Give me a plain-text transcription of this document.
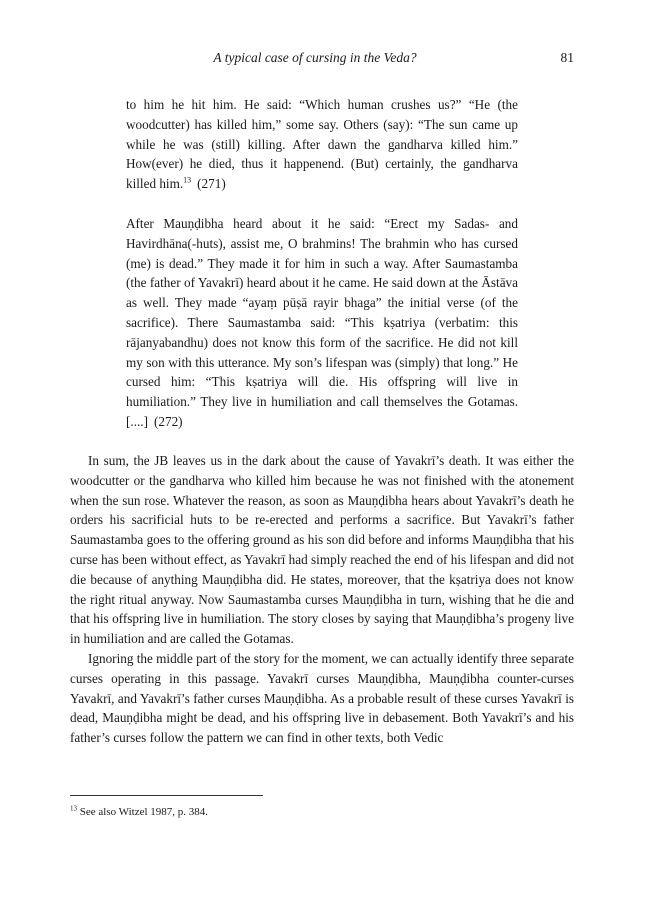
A typical case of cursing in the Veda?	81
to him he hit him. He said: “Which human crushes us?” “He (the woodcutter) has killed him,” some say. Others (say): “The sun came up while he was (still) killing. After dawn the gandharva killed him.” How(ever) he died, thus it happenend. (But) certainly, the gandharva killed him.$^{13}$ (271)
After Mauṇḍibha heard about it he said: “Erect my Sadas- and Havirdhāna(-huts), assist me, O brahmins! The brahmin who has cursed (me) is dead.” They made it for him in such a way. After Saumastamba (the father of Yavakrī) heard about it he came. He said down at the Āstāva as well. They made “ayaṃ pūṣā rayir bhaga” the initial verse (of the sacrifice). There Saumastamba said: “This kṣatriya (verbatim: this rājanyabandhu) does not know this form of the sacrifice. He did not kill my son with this utterance. My son’s lifespan was (simply) that long.” He cursed him: “This kṣatriya will die. His offspring will live in humiliation.” They live in humiliation and call themselves the Gotamas. [....] (272)

In sum, the JB leaves us in the dark about the cause of Yavakrī’s death. It was either the woodcutter or the gandharva who killed him because he was not finished with the atonement when the sun rose. Whatever the reason, as soon as Mauṇḍibha hears about Yavakrī’s death he orders his sacrificial huts to be re-erected and performs a sacrifice. But Yavakrī’s father Saumastamba goes to the offering ground as his son did before and informs Mauṇḍibha that his curse has been without effect, as Yavakrī had simply reached the end of his lifespan and did not die because of anything Mauṇḍibha did. He states, moreover, that the kṣatriya does not know the right ritual anyway. Now Saumastamba curses Mauṇḍibha in turn, wishing that he die and that his offspring live in humiliation. The story closes by saying that Mauṇḍibha’s progeny live in humiliation and are called the Gotamas.

Ignoring the middle part of the story for the moment, we can actually identify three separate curses operating in this passage. Yavakrī curses Mauṇḍibha, Mauṇḍibha counter-curses Yavakrī, and Yavakrī’s father curses Mauṇḍibha. As a probable result of these curses Yavakrī is dead, Mauṇḍibha might be dead, and his offspring live in debasement. Both Yavakrī’s and his father’s curses follow the pattern we can find in other texts, both Vedic

$^{13}$ See also Witzel 1987, p. 384.
